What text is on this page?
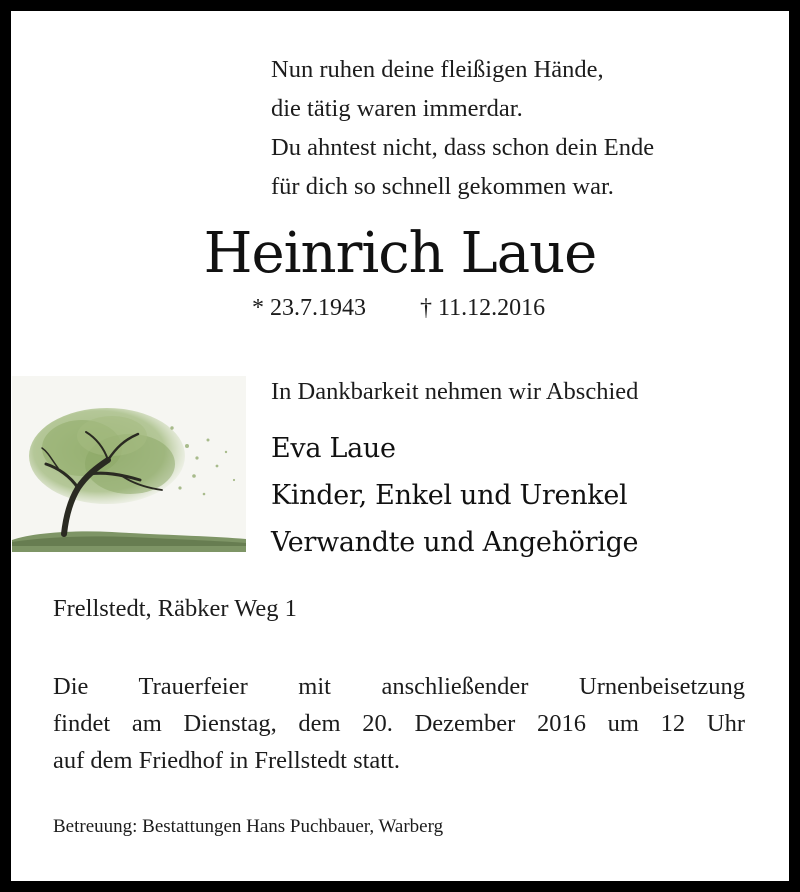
Nun ruhen deine fleißigen Hände,
die tätig waren immerdar.
Du ahntest nicht, dass schon dein Ende
für dich so schnell gekommen war.
Heinrich Laue
* 23.7.1943 † 11.12.2016
In Dankbarkeit nehmen wir Abschied
Eva Laue
Kinder, Enkel und Urenkel
Verwandte und Angehörige
Frellstedt, Räbker Weg 1
Die Trauerfeier mit anschließender Urnenbeisetzung
findet am Dienstag, dem 20. Dezember 2016 um 12 Uhr
auf dem Friedhof in Frellstedt statt.
Betreuung: Bestattungen Hans Puchbauer, Warberg
